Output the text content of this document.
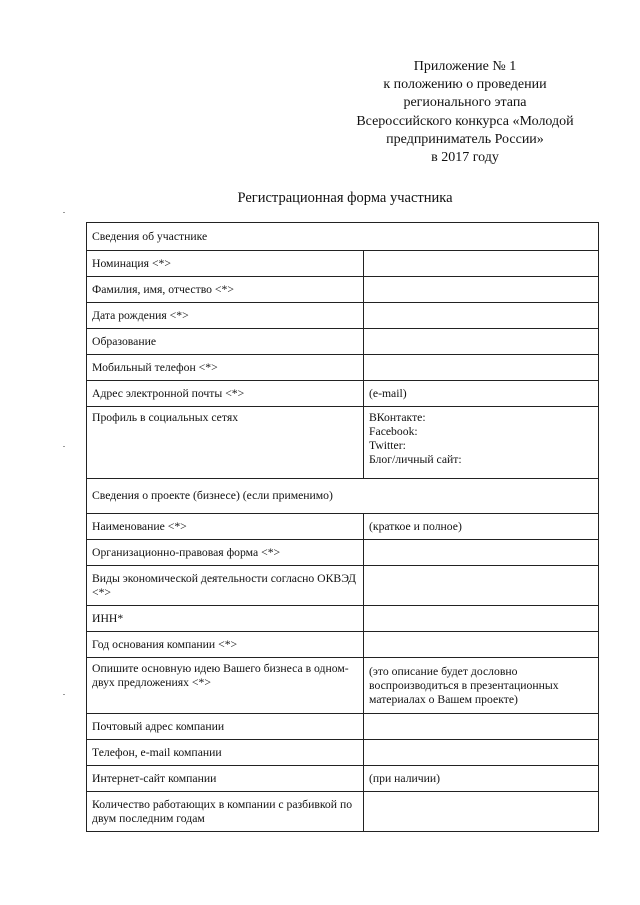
Приложение № 1
к положению о проведении
регионального этапа
Всероссийского конкурса «Молодой
предприниматель России»
в 2017 году
Регистрационная форма участника
Сведения об участнике	
Номинация <*>	
Фамилия, имя, отчество <*>	
Дата рождения <*>	
Образование	
Мобильный телефон <*>	
Адрес электронной почты <*>	(e-mail)
Профиль в социальных сетях	ВКонтакте:
Facebook:
Twitter:
Блог/личный сайт:

Сведения о проекте (бизнесе) (если применимо)	
Наименование <*>	(краткое и полное)
Организационно-правовая форма <*>	
Виды экономической деятельности согласно ОКВЭД <*>	
ИНН*	
Год основания компании <*>	
Опишите основную идею Вашего бизнеса в одном-двух предложениях <*>	(это описание будет дословно воспроизводиться в презентационных материалах о Вашем проекте)
Почтовый адрес компании	
Телефон, e-mail компании	
Интернет-сайт компании	(при наличии)
Количество работающих в компании с разбивкой по двум последним годам	
